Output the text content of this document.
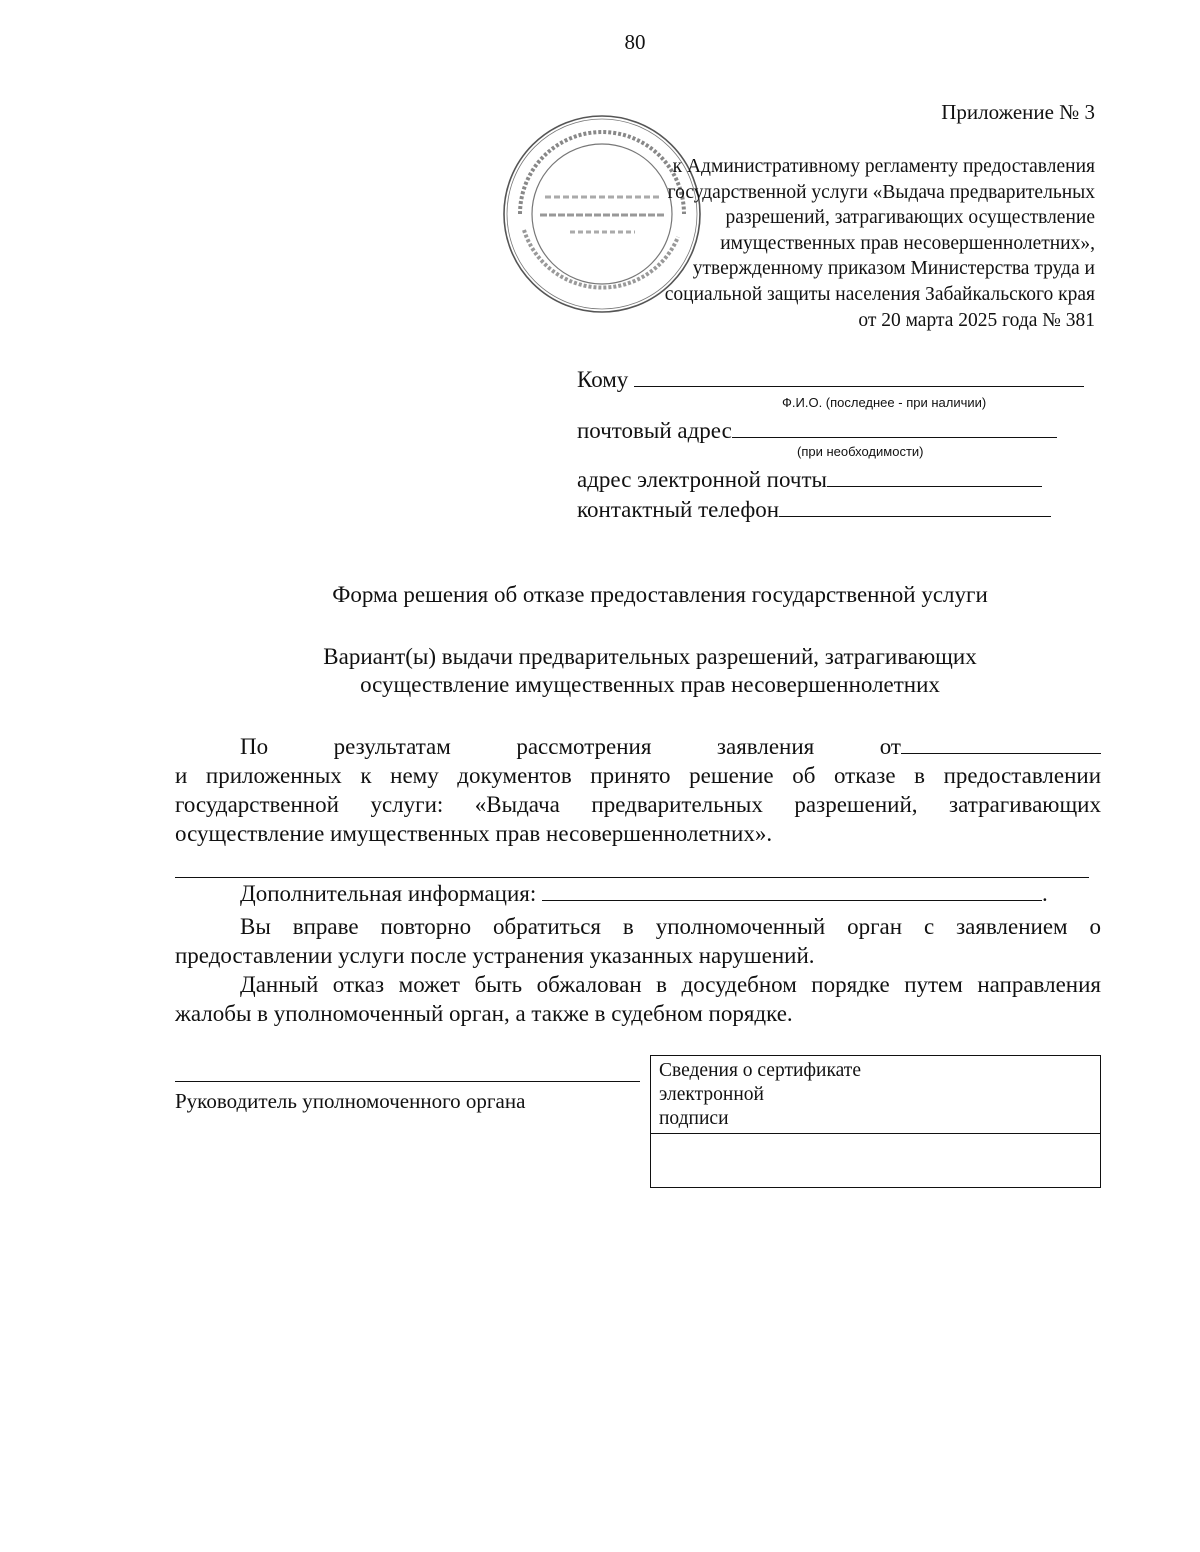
80
Приложение № 3
к Административному регламенту предоставления
государственной услуги «Выдача предварительных
разрешений, затрагивающих осуществление
имущественных прав несовершеннолетних»,
утвержденному приказом Министерства труда и
социальной защиты населения Забайкальского края
от 20 марта 2025 года № 381
Кому
Ф.И.О. (последнее - при наличии)
почтовый адрес
(при необходимости)
адрес электронной почты
контактный телефон
Форма решения об отказе предоставления государственной услуги
Вариант(ы) выдачи предварительных разрешений, затрагивающих
осуществление имущественных прав несовершеннолетних
По	результатам	рассмотрения	заявления	от
и приложенных к нему документов принято решение об отказе в предоставлении государственной услуги: «Выдача предварительных разрешений, затрагивающих осуществление имущественных прав несовершеннолетних».
Дополнительная информация:	.
Вы вправе повторно обратиться в уполномоченный орган с заявлением о предоставлении услуги после устранения указанных нарушений.
Данный отказ может быть обжалован в досудебном порядке путем направления жалобы в уполномоченный орган, а также в судебном порядке.
Руководитель уполномоченного органа
Сведения о сертификате
электронной
подписи
